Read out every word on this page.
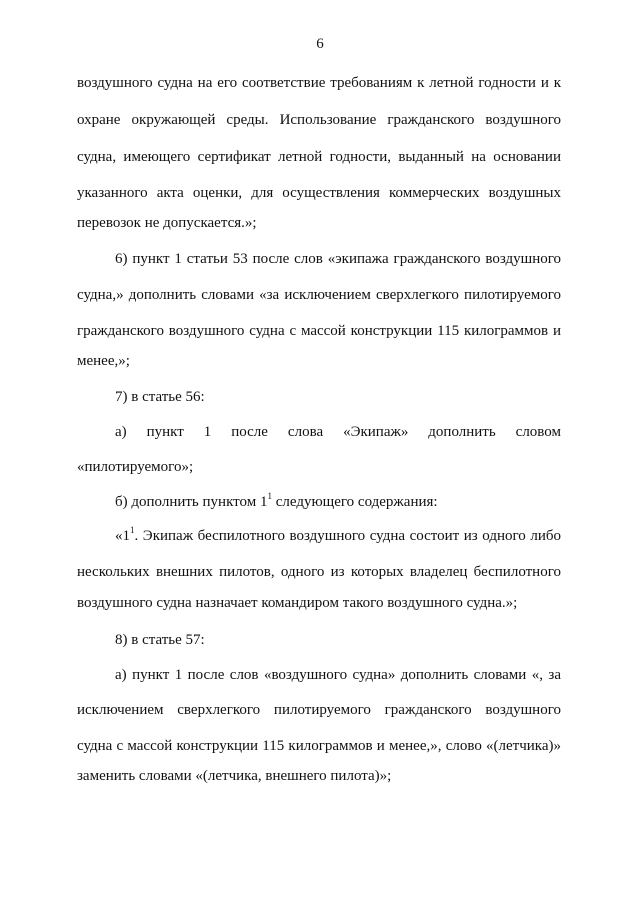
6
воздушного судна на его соответствие требованиям к летной годности и к
охране окружающей среды. Использование гражданского воздушного
судна, имеющего сертификат летной годности, выданный на основании
указанного акта оценки, для осуществления коммерческих воздушных
перевозок не допускается.»;
6) пункт 1 статьи 53 после слов «экипажа гражданского воздушного
судна,» дополнить словами «за исключением сверхлегкого пилотируемого
гражданского воздушного судна с массой конструкции 115 килограммов и
менее,»;
7) в статье 56:
а) пункт 1 после слова «Экипаж» дополнить словом
«пилотируемого»;
б) дополнить пунктом $1^1$ следующего содержания:
«$1^1$. Экипаж беспилотного воздушного судна состоит из одного либо
нескольких внешних пилотов, одного из которых владелец беспилотного
воздушного судна назначает командиром такого воздушного судна.»;
8) в статье 57:
а) пункт 1 после слов «воздушного судна» дополнить словами «, за
исключением сверхлегкого пилотируемого гражданского воздушного
судна с массой конструкции 115 килограммов и менее,», слово «(летчика)»
заменить словами «(летчика, внешнего пилота)»;
